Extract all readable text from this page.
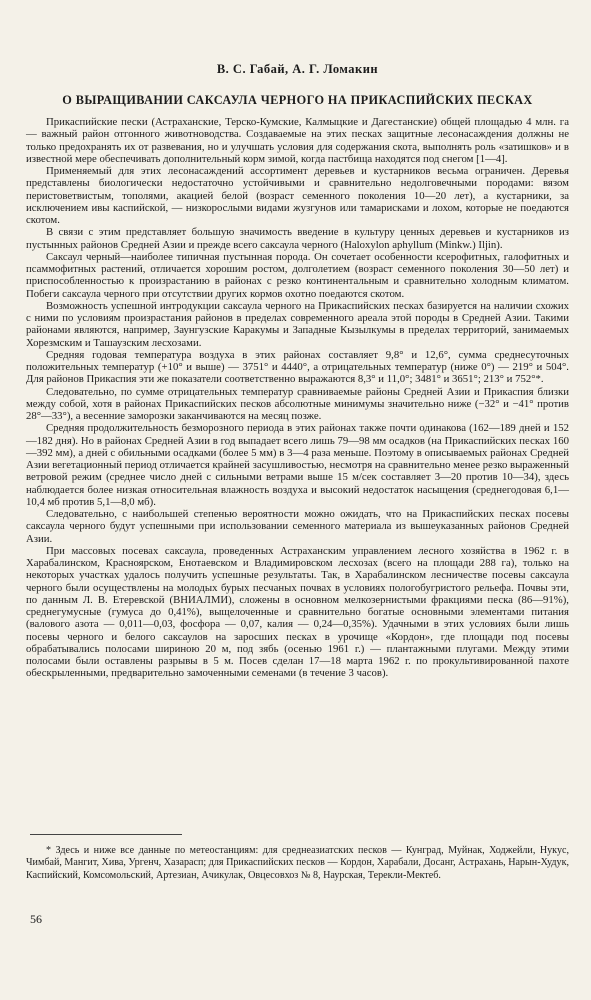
В. С. Габай, А. Г. Ломакин
О ВЫРАЩИВАНИИ САКСАУЛА ЧЕРНОГО НА ПРИКАСПИЙСКИХ ПЕСКАХ

Прикаспийские пески (Астраханские, Терско-Кумские, Калмыцкие и Дагестанские) общей площадью 4 млн. га — важный район отгонного животноводства. Создаваемые на этих песках защитные лесонасаждения должны не только предохранять их от развевания, но и улучшать условия для содержания скота, выполнять роль «затишков» и в известной мере обеспечивать дополнительный корм зимой, когда пастбища находятся под снегом [1—4].

Применяемый для этих лесонасаждений ассортимент деревьев и кустарников весьма ограничен. Деревья представлены биологически недостаточно устойчивыми и сравнительно недолговечными породами: вязом перистоветвистым, тополями, акацией белой (возраст семенного поколения 10—20 лет), а кустарники, за исключением ивы каспийской, — низкорослыми видами жузгунов или тамарисками и лохом, которые не поедаются скотом.

В связи с этим представляет большую значимость введение в культуру ценных деревьев и кустарников из пустынных районов Средней Азии и прежде всего саксаула черного (Haloxylon aphyllum (Minkw.) Iljin).

Саксаул черный—наиболее типичная пустынная порода. Он сочетает особенности ксерофитных, галофитных и псаммофитных растений, отличается хорошим ростом, долголетием (возраст семенного поколения 30—50 лет) и приспособленностью к произрастанию в районах с резко континентальным и сравнительно холодным климатом. Побеги саксаула черного при отсутствии других кормов охотно поедаются скотом.

Возможность успешной интродукции саксаула черного на Прикаспийских песках базируется на наличии схожих с ними по условиям произрастания районов в пределах современного ареала этой породы в Средней Азии. Такими районами являются, например, Заунгузские Каракумы и Западные Кызылкумы в пределах территорий, занимаемых Хорезмским и Ташаузским лесхозами.

Средняя годовая температура воздуха в этих районах составляет 9,8° и 12,6°, сумма среднесуточных положительных температур (+10° и выше) — 3751° и 4440°, а отрицательных температур (ниже 0°) — 219° и 504°. Для районов Прикаспия эти же показатели соответственно выражаются 8,3° и 11,0°; 3481° и 3651°; 213° и 752°*.

Следовательно, по сумме отрицательных температур сравниваемые районы Средней Азии и Прикаспия близки между собой, хотя в районах Прикаспийских песков абсолютные минимумы значительно ниже (−32° и −41° против 28°—33°), а весенние заморозки заканчиваются на месяц позже.

Средняя продолжительность безморозного периода в этих районах также почти одинакова (162—189 дней и 152—182 дня). Но в районах Средней Азии в год выпадает всего лишь 79—98 мм осадков (на Прикаспийских песках 160—392 мм), а дней с обильными осадками (более 5 мм) в 3—4 раза меньше. Поэтому в описываемых районах Средней Азии вегетационный период отличается крайней засушливостью, несмотря на сравнительно менее резко выраженный ветровой режим (среднее число дней с сильными ветрами выше 15 м/сек составляет 3—20 против 10—34), здесь наблюдается более низкая относительная влажность воздуха и высокий недостаток насыщения (среднегодовая 6,1—10,4 мб против 5,1—8,0 мб).

Следовательно, с наибольшей степенью вероятности можно ожидать, что на Прикаспийских песках посевы саксаула черного будут успешными при использовании семенного материала из вышеуказанных районов Средней Азии.

При массовых посевах саксаула, проведенных Астраханским управлением лесного хозяйства в 1962 г. в Харабалинском, Красноярском, Енотаевском и Владимировском лесхозах (всего на площади 288 га), только на некоторых участках удалось получить успешные результаты. Так, в Харабалинском лесничестве посевы саксаула черного были осуществлены на молодых бурых песчаных почвах в условиях пологобугристого рельефа. Почвы эти, по данным Л. В. Етеревской (ВНИАЛМИ), сложены в основном мелкозернистыми фракциями песка (86—91%), среднегумусные (гумуса до 0,41%), выщелоченные и сравнительно богатые основными элементами питания (валового азота — 0,011—0,03, фосфора — 0,07, калия — 0,24—0,35%). Удачными в этих условиях были лишь посевы черного и белого саксаулов на заросших песках в урочище «Кордон», где площади под посевы обрабатывались полосами шириною 20 м, под зябь (осенью 1961 г.) — плантажными плугами. Между этими полосами были оставлены разрывы в 5 м. Посев сделан 17—18 марта 1962 г. по прокультивированной пахоте обескрыленными, предварительно замоченными семенами (в течение 3 часов).

* Здесь и ниже все данные по метеостанциям: для среднеазиатских песков — Кунград, Муйнак, Ходжейли, Нукус, Чимбай, Мангит, Хива, Ургенч, Хазарасп; для Прикаспийских песков — Кордон, Харабали, Досанг, Астрахань, Нарын-Худук, Каспийский, Комсомольский, Артезиан, Ачикулак, Овцесовхоз № 8, Наурская, Терекли-Мектеб.

56
